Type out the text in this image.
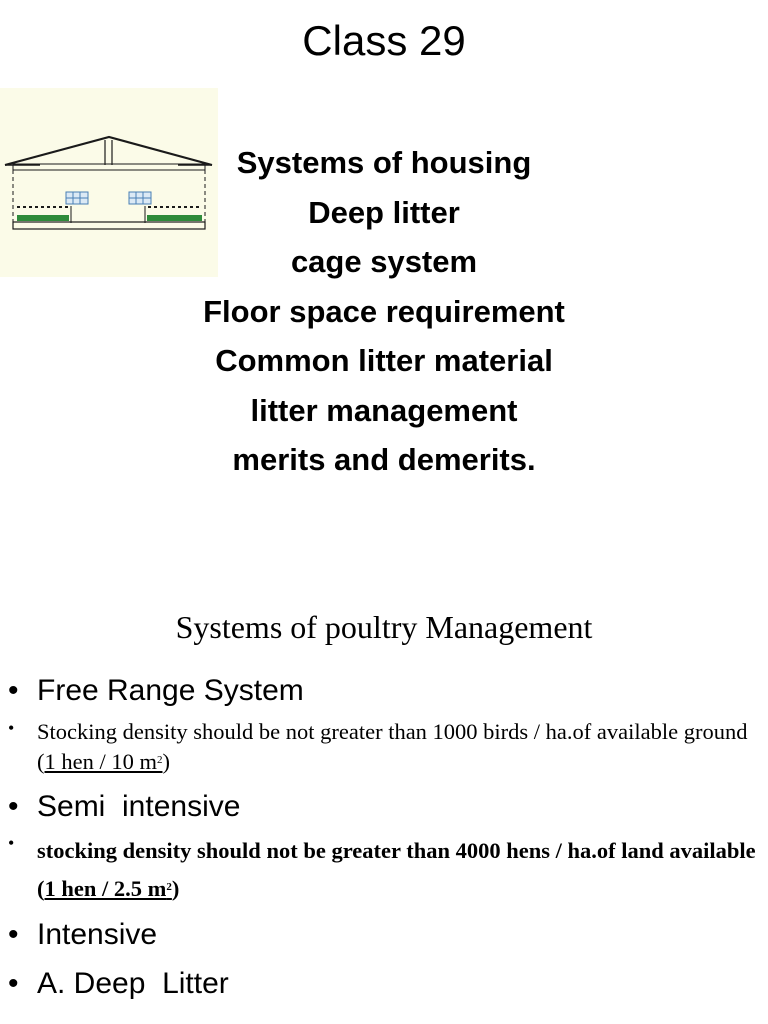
Class 29
Systems of housing
Deep litter
cage system
Floor space requirement
Common litter material
litter management
merits and demerits.
Systems of poultry Management
• Free Range System
• Stocking density should be not greater than 1000 birds / ha.of available ground (1 hen / 10 $m^2$)
• Semi  intensive
• stocking density should not be greater than 4000 hens / ha.of land available (1 hen / 2.5 $m^2$)
• Intensive
• A. Deep  Litter
